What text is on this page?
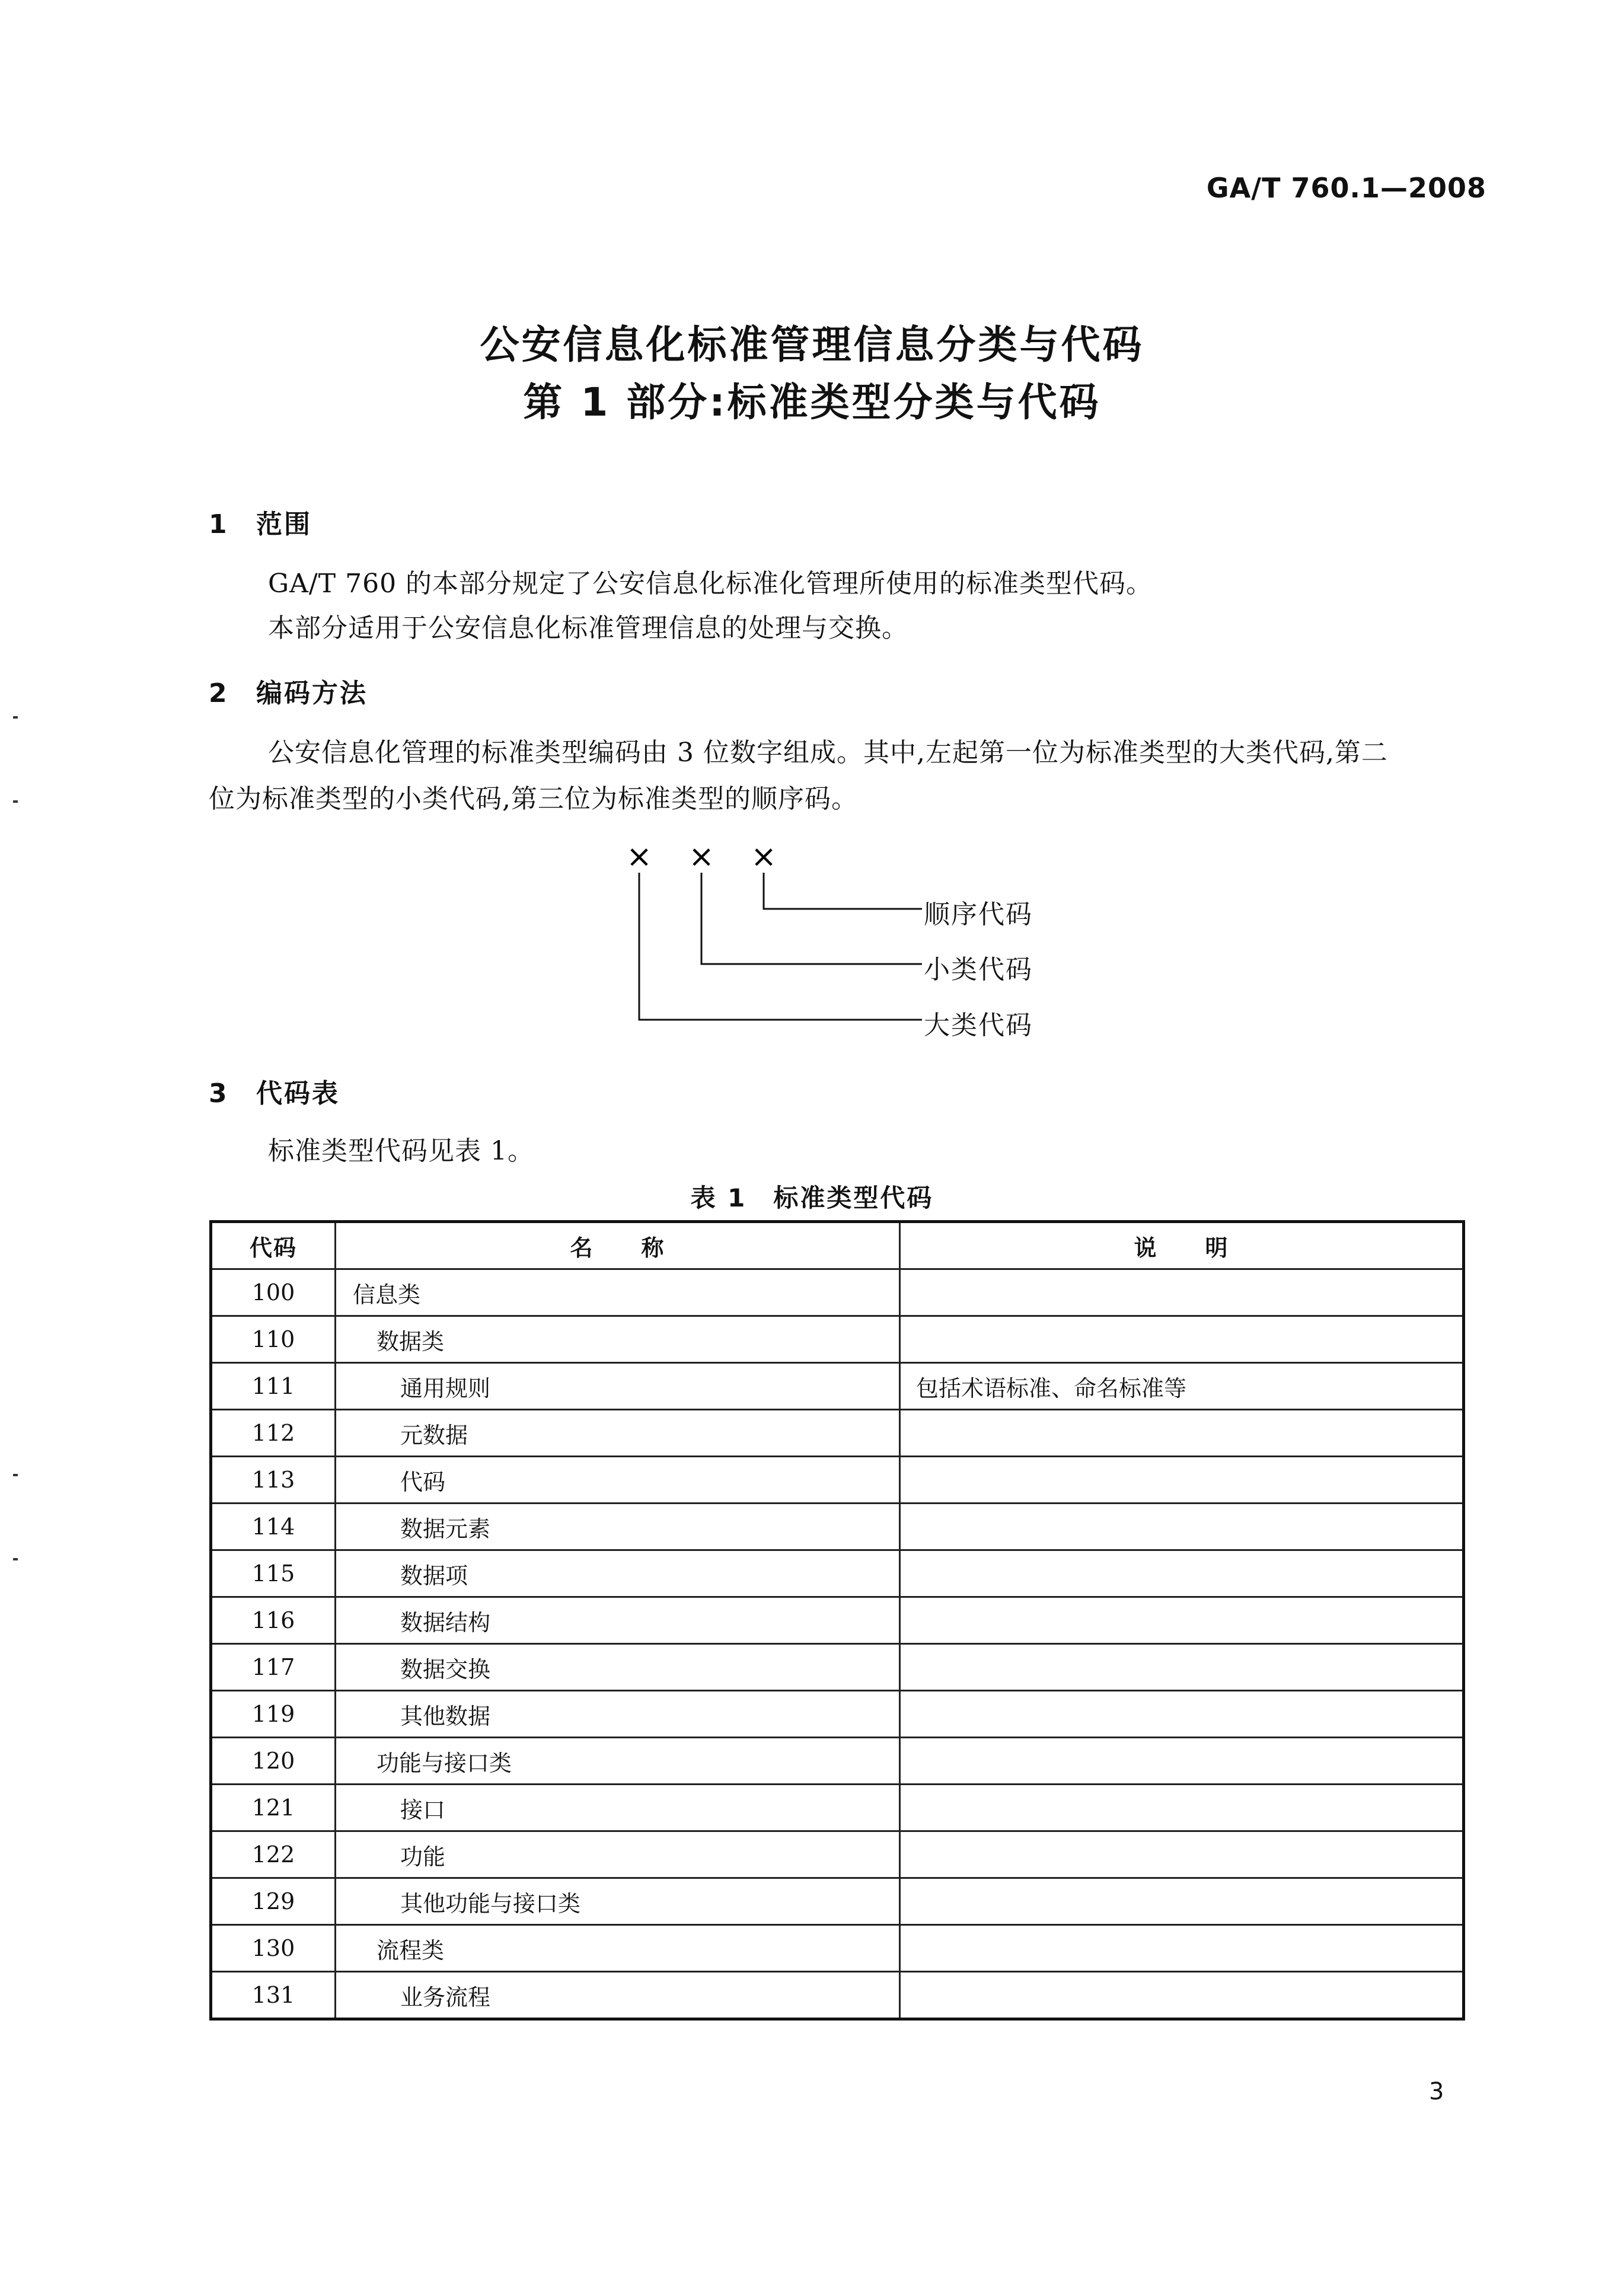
GA/T 760.1—2008
公安信息化标准管理信息分类与代码
第 1 部分:标准类型分类与代码
1 范围
GA/T 760 的本部分规定了公安信息化标准化管理所使用的标准类型代码。
本部分适用于公安信息化标准管理信息的处理与交换。
2 编码方法
公安信息化管理的标准类型编码由 3 位数字组成。其中,左起第一位为标准类型的大类代码,第二
位为标准类型的小类代码,第三位为标准类型的顺序码。
× × ×
顺序代码
小类代码
大类代码
3 代码表
标准类型代码见表 1。
表 1　标准类型代码
代码	名　　称	说　　明
100	信息类	
110	数据类	
111	通用规则	包括术语标准、命名标准等
112	元数据	
113	代码	
114	数据元素	
115	数据项	
116	数据结构	
117	数据交换	
119	其他数据	
120	功能与接口类	
121	接口	
122	功能	
129	其他功能与接口类	
130	流程类	
131	业务流程	
3
